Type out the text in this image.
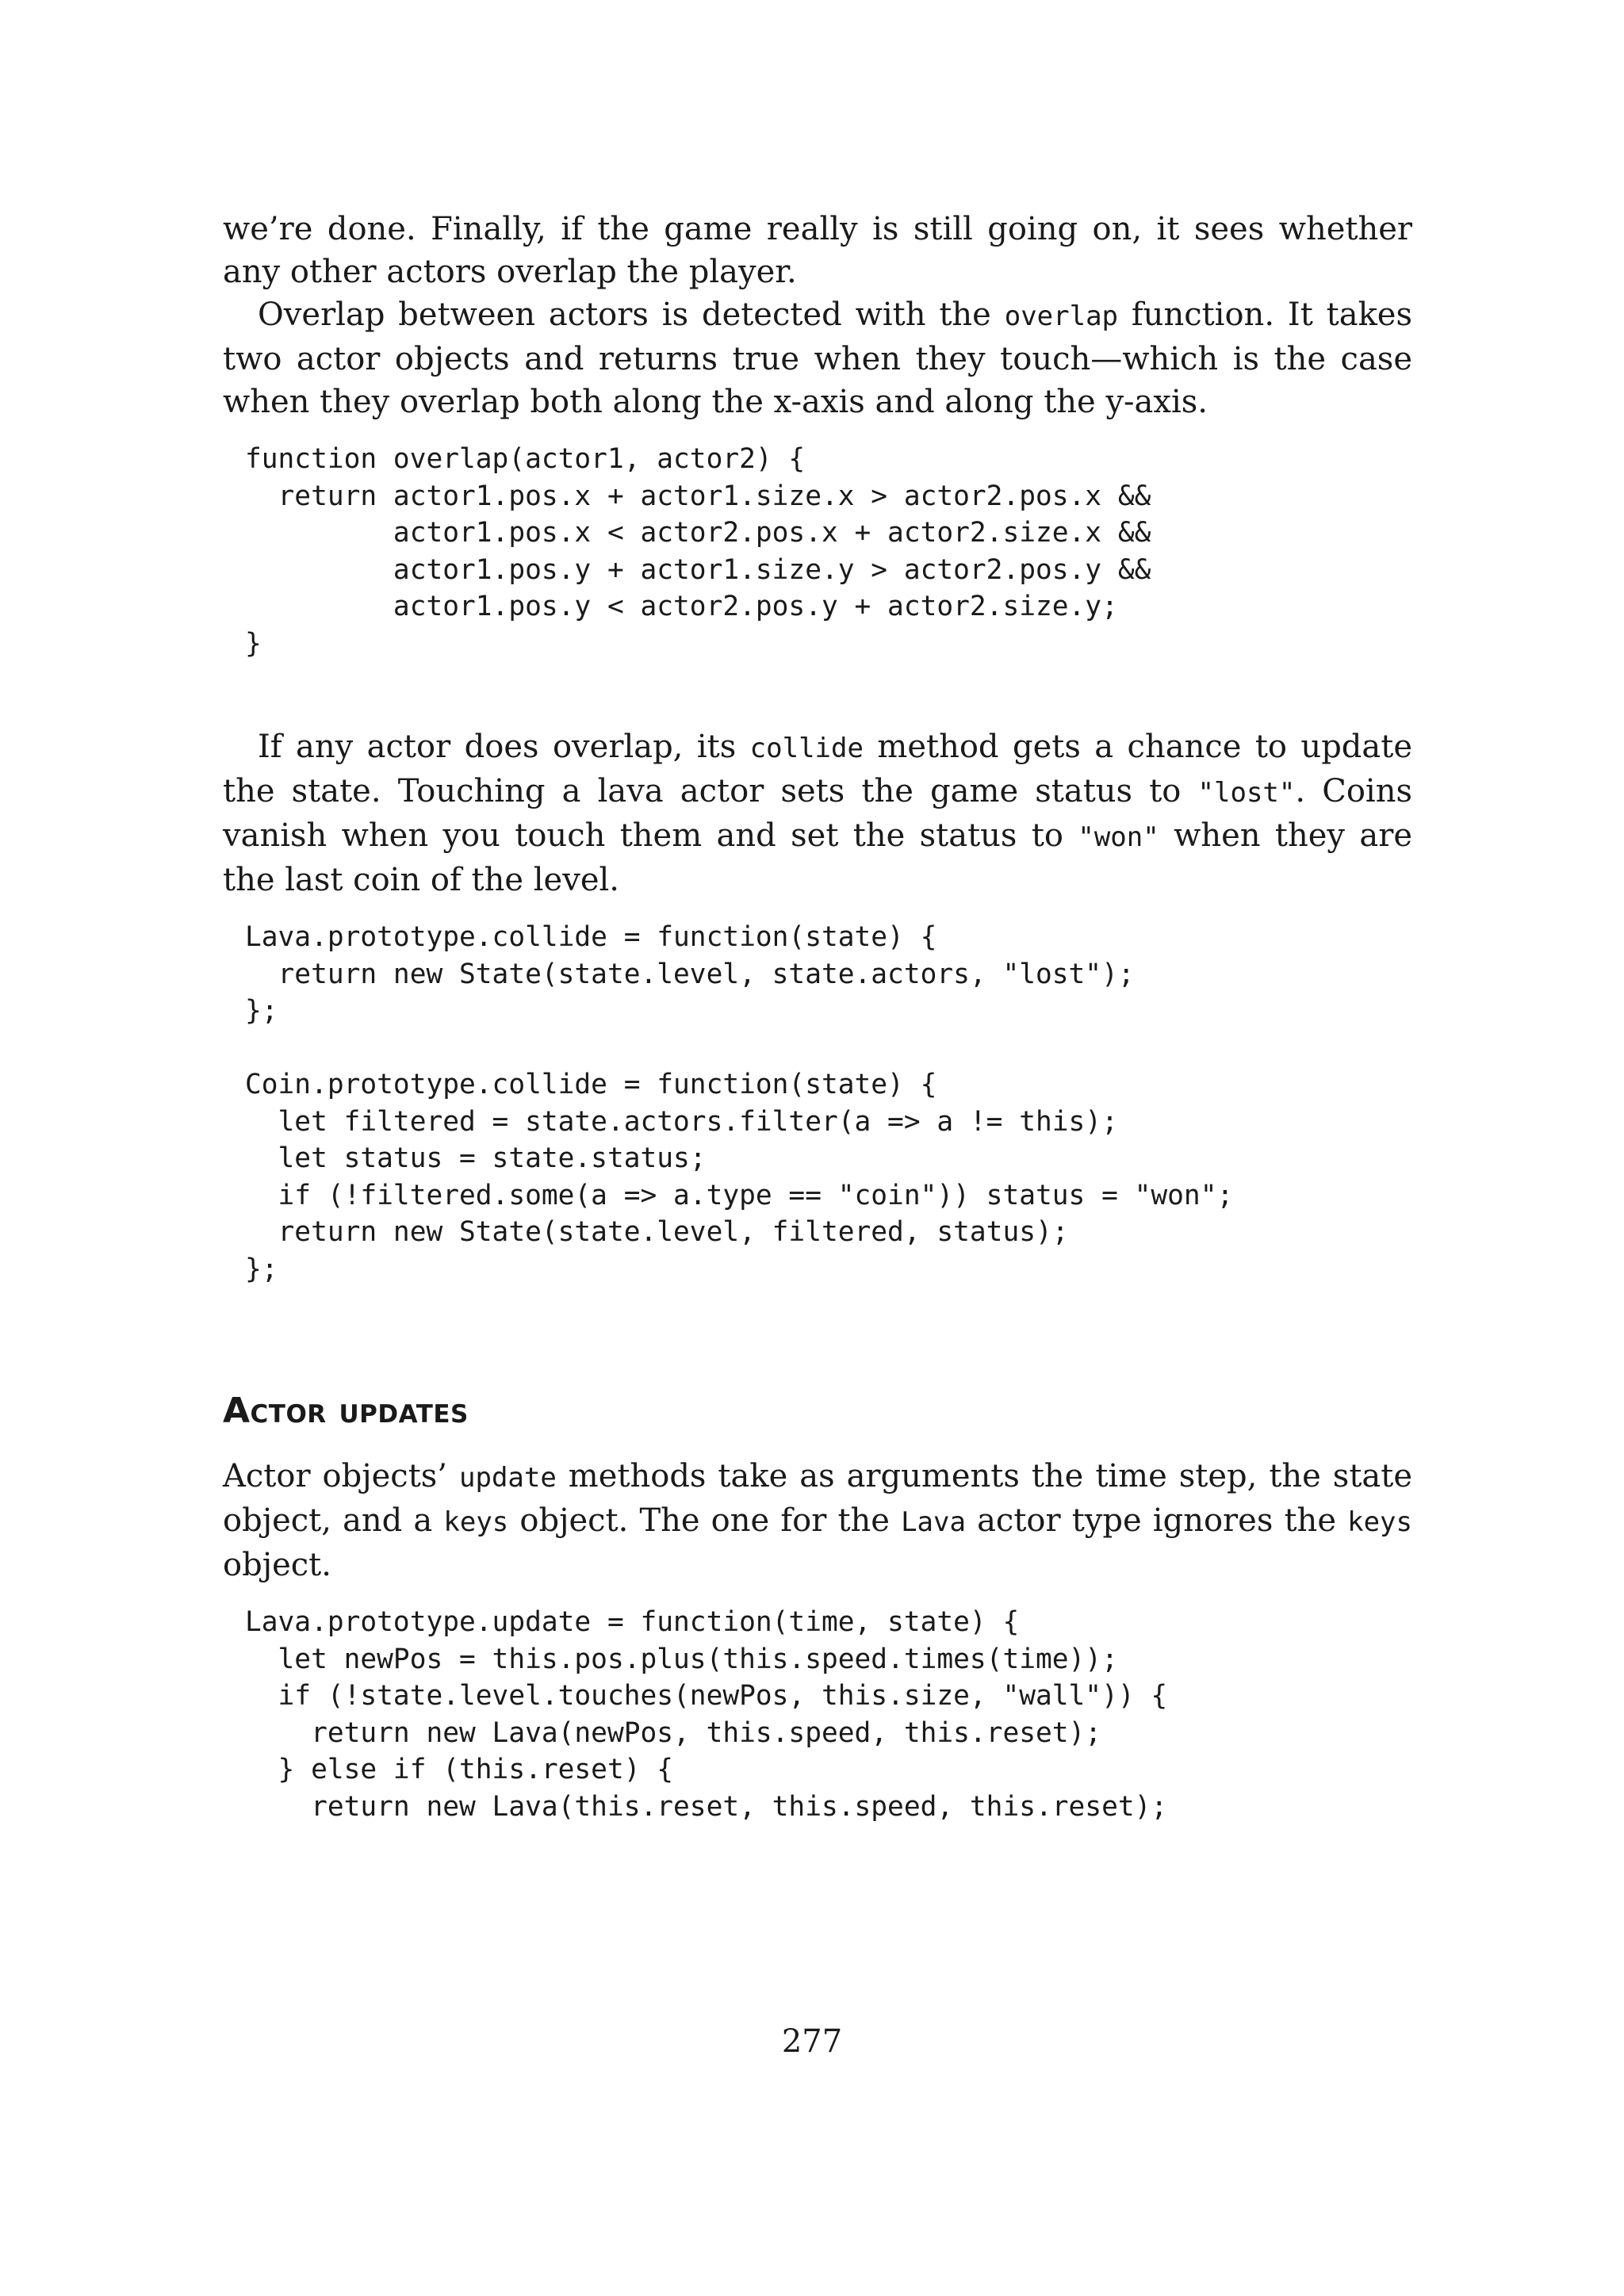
we’re done. Finally, if the game really is still going on, it sees whether any other actors overlap the player.

Overlap between actors is detected with the overlap function. It takes two actor objects and returns true when they touch—which is the case when they overlap both along the x-axis and along the y-axis.

function overlap(actor1, actor2) {
return actor1.pos.x + actor1.size.x > actor2.pos.x &&
actor1.pos.x < actor2.pos.x + actor2.size.x &&
actor1.pos.y + actor1.size.y > actor2.pos.y &&
actor1.pos.y < actor2.pos.y + actor2.size.y;
}

If any actor does overlap, its collide method gets a chance to update the state. Touching a lava actor sets the game status to "lost". Coins vanish when you touch them and set the status to "won" when they are the last coin of the level.

Lava.prototype.collide = function(state) {
return new State(state.level, state.actors, "lost");
};

Coin.prototype.collide = function(state) {
let filtered = state.actors.filter(a => a != this);
let status = state.status;
if (!filtered.some(a => a.type == "coin")) status = "won";
return new State(state.level, filtered, status);
};
Actor updates

Actor objects’ update methods take as arguments the time step, the state object, and a keys object. The one for the Lava actor type ignores the keys object.

Lava.prototype.update = function(time, state) {
let newPos = this.pos.plus(this.speed.times(time));
if (!state.level.touches(newPos, this.size, "wall")) {
return new Lava(newPos, this.speed, this.reset);
} else if (this.reset) {
return new Lava(this.reset, this.speed, this.reset);
277
